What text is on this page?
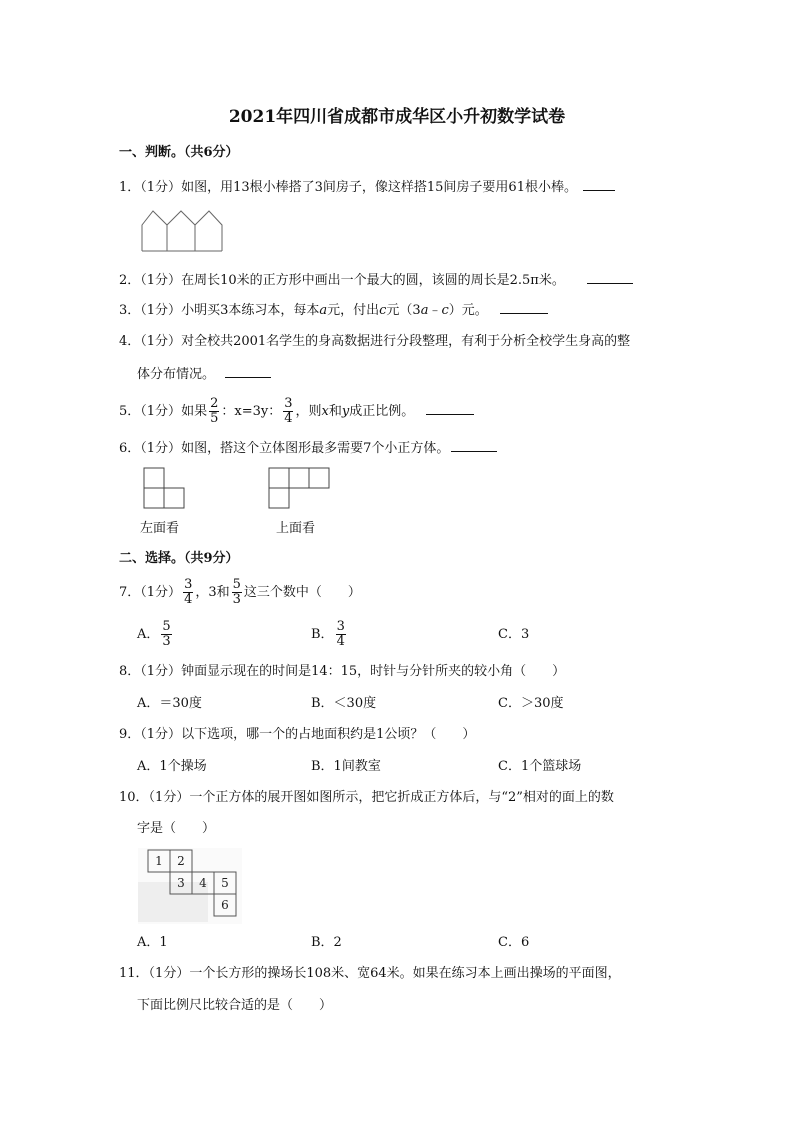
2021年四川省成都市成华区小升初数学试卷
一、判断。（共6分）
1．（1分）如图，用13根小棒搭了3间房子，像这样搭15间房子要用61根小棒。
2．（1分）在周长10米的正方形中画出一个最大的圆，该圆的周长是2.5π米。
3．（1分）小明买3本练习本，每本a元，付出c元（3a﹣c）元。
4．（1分）对全校共2001名学生的身高数据进行分段整理，有利于分析全校学生身高的整
体分布情况。
5．（1分）如果 $\frac{2}{5}$ ：x=3y： $\frac{3}{4}$ ，则x和y成正比例。
6．（1分）如图，搭这个立体图形最多需要7个小正方体。
左面看	上面看
二、选择。（共9分）
7．（1分） $\frac{3}{4}$ ，3和 $\frac{5}{3}$ 这三个数中（　　）
A． $\frac{5}{3}$	B． $\frac{3}{4}$	C．3
8．（1分）钟面显示现在的时间是14：15，时针与分针所夹的较小角（　　）
A．＝30度	B．＜30度	C．＞30度
9．（1分）以下选项，哪一个的占地面积约是1公顷？（　　）
A．1个操场	B．1间教室	C．1个篮球场
10．（1分）一个正方体的展开图如图所示，把它折成正方体后，与“2”相对的面上的数
字是（　　）
1 2
3 4 5
6
A．1	B．2	C．6
11．（1分）一个长方形的操场长108米、宽64米。如果在练习本上画出操场的平面图，
下面比例尺比较合适的是（　　）
